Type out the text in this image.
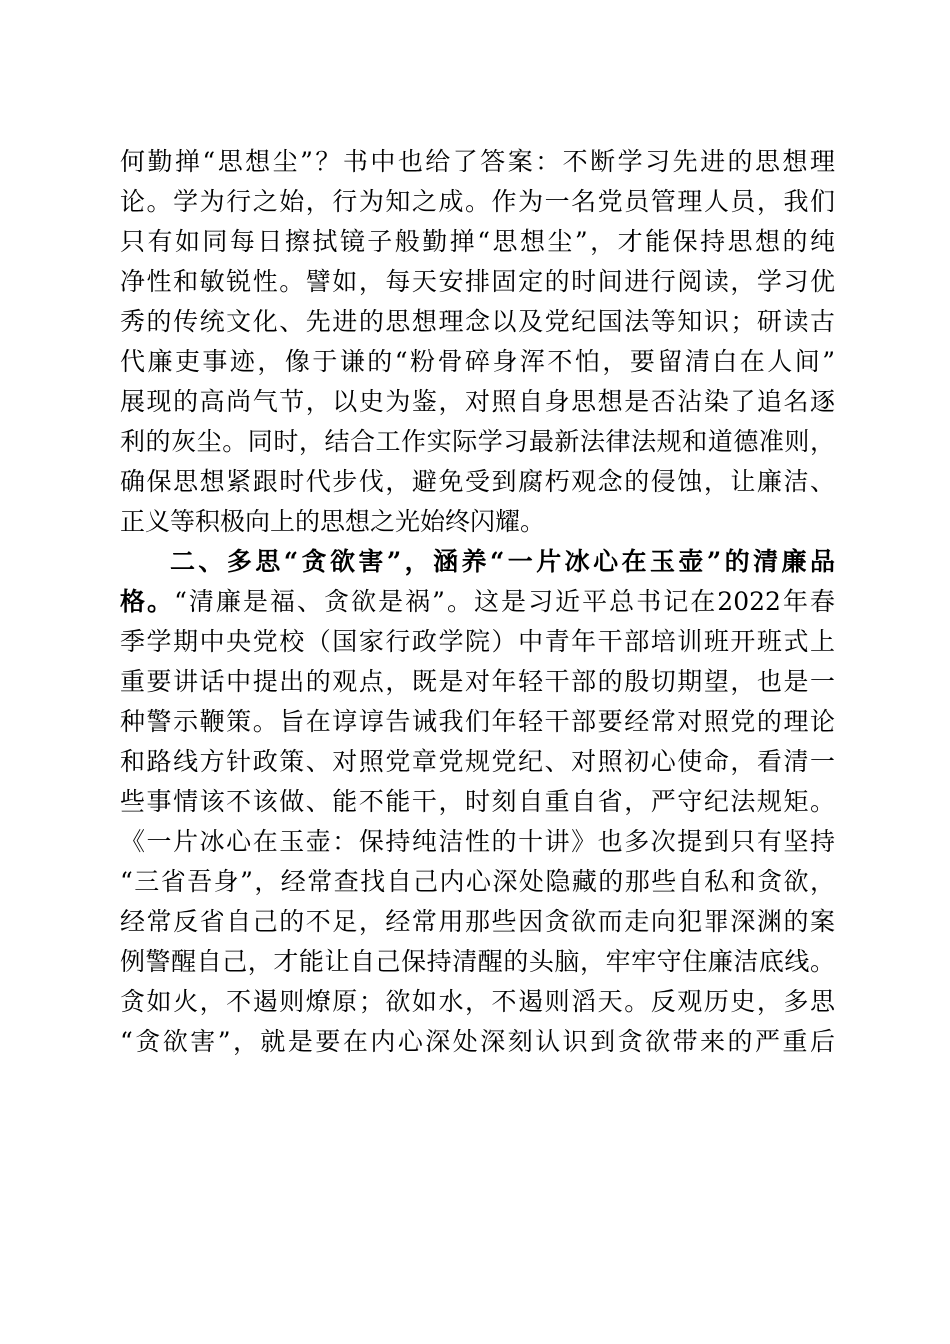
何勤掸“思想尘”？书中也给了答案：不断学习先进的思想理
论。学为行之始，行为知之成。作为一名党员管理人员，我们
只有如同每日擦拭镜子般勤掸“思想尘”，才能保持思想的纯
净性和敏锐性。譬如，每天安排固定的时间进行阅读，学习优
秀的传统文化、先进的思想理念以及党纪国法等知识；研读古
代廉吏事迹，像于谦的“粉骨碎身浑不怕，要留清白在人间”
展现的高尚气节，以史为鉴，对照自身思想是否沾染了追名逐
利的灰尘。同时，结合工作实际学习最新法律法规和道德准则，
确保思想紧跟时代步伐，避免受到腐朽观念的侵蚀，让廉洁、
正义等积极向上的思想之光始终闪耀。
二、多思“贪欲害”，涵养“一片冰心在玉壶”的清廉品
格。“清廉是福、贪欲是祸”。这是习近平总书记在2022年春
季学期中央党校（国家行政学院）中青年干部培训班开班式上
重要讲话中提出的观点，既是对年轻干部的殷切期望，也是一
种警示鞭策。旨在谆谆告诫我们年轻干部要经常对照党的理论
和路线方针政策、对照党章党规党纪、对照初心使命，看清一
些事情该不该做、能不能干，时刻自重自省，严守纪法规矩。
《一片冰心在玉壶：保持纯洁性的十讲》也多次提到只有坚持
“三省吾身”，经常查找自己内心深处隐藏的那些自私和贪欲，
经常反省自己的不足，经常用那些因贪欲而走向犯罪深渊的案
例警醒自己，才能让自己保持清醒的头脑，牢牢守住廉洁底线。
贪如火，不遏则燎原；欲如水，不遏则滔天。反观历史，多思
“贪欲害”，就是要在内心深处深刻认识到贪欲带来的严重后
